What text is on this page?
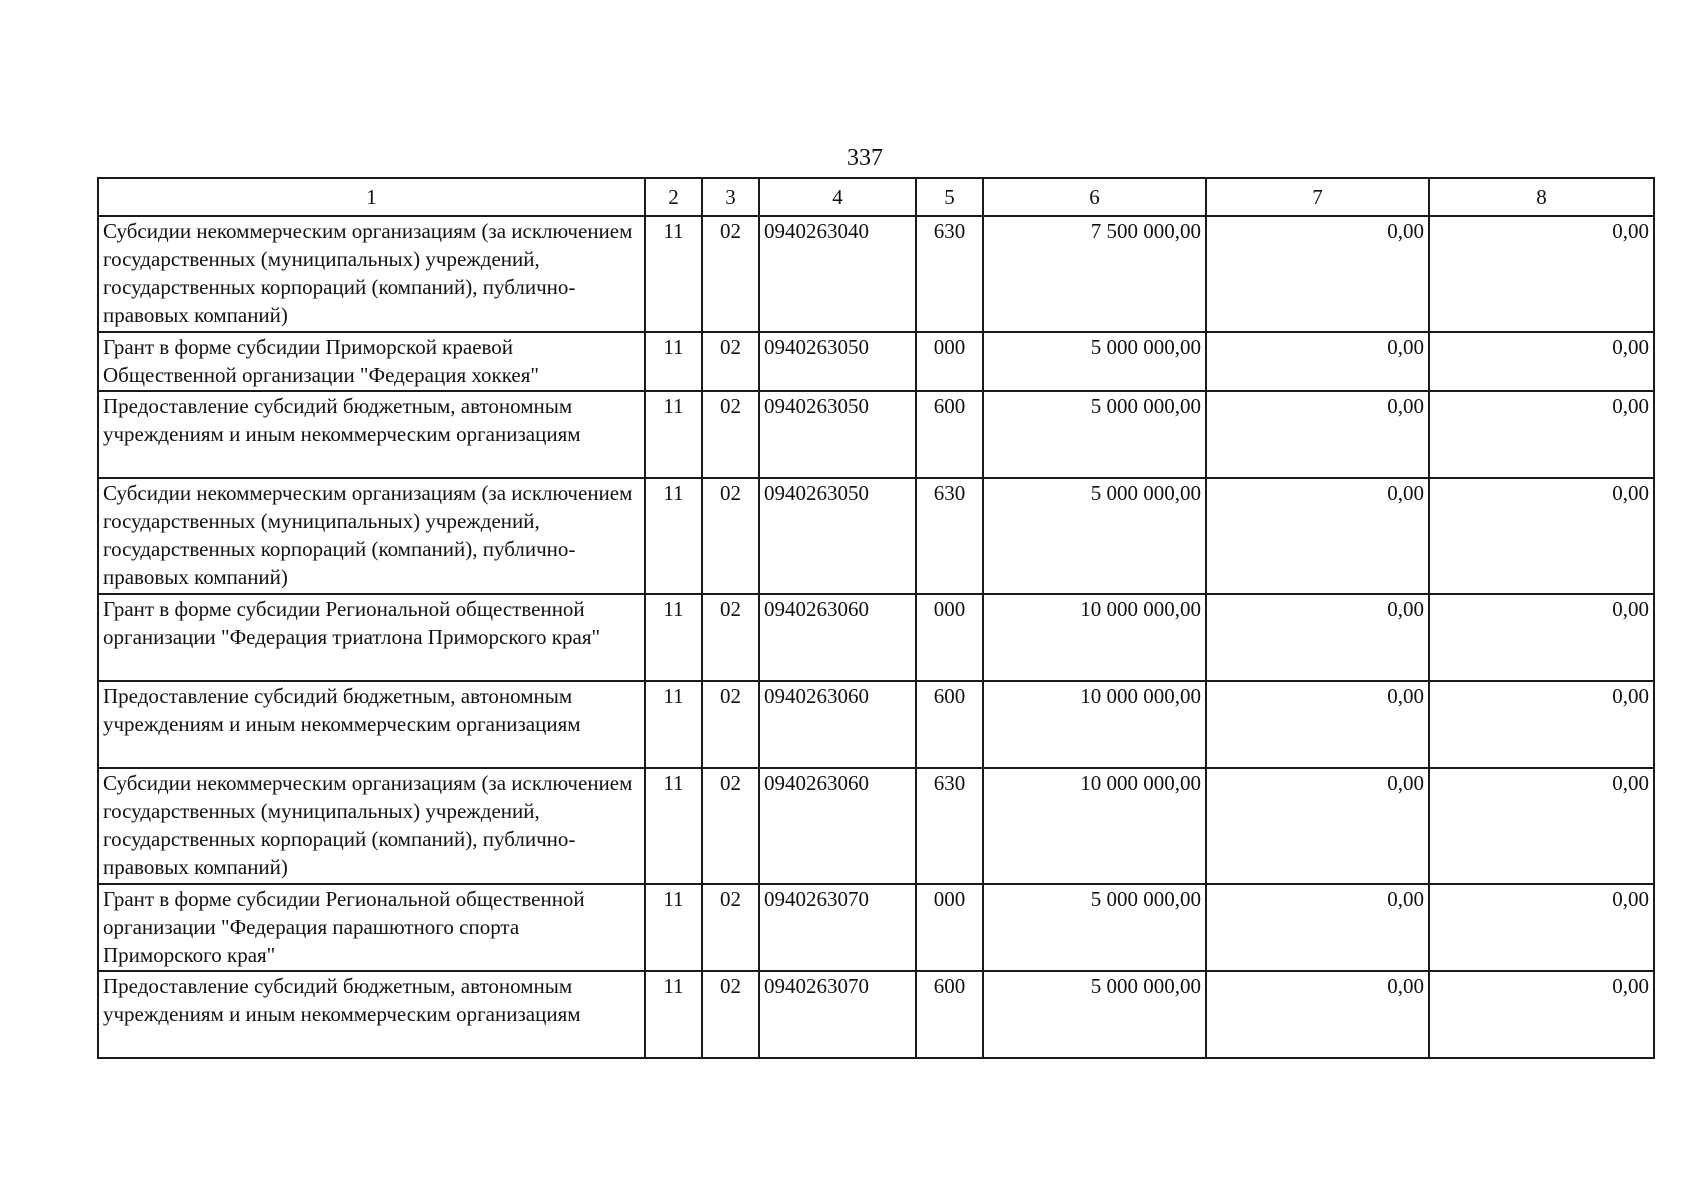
337
1	2	3	4	5	6	7	8
Субсидии некоммерческим организациям (за исключением государственных (муниципальных) учреждений, государственных корпораций (компаний), публично-правовых компаний)	11	02	0940263040	630	7 500 000,00	0,00	0,00
Грант в форме субсидии Приморской краевой Общественной организации "Федерация хоккея"	11	02	0940263050	000	5 000 000,00	0,00	0,00
Предоставление субсидий бюджетным, автономным учреждениям и иным некоммерческим организациям	11	02	0940263050	600	5 000 000,00	0,00	0,00
Субсидии некоммерческим организациям (за исключением государственных (муниципальных) учреждений, государственных корпораций (компаний), публично-правовых компаний)	11	02	0940263050	630	5 000 000,00	0,00	0,00
Грант в форме субсидии Региональной общественной организации "Федерация триатлона Приморского края"	11	02	0940263060	000	10 000 000,00	0,00	0,00
Предоставление субсидий бюджетным, автономным учреждениям и иным некоммерческим организациям	11	02	0940263060	600	10 000 000,00	0,00	0,00
Субсидии некоммерческим организациям (за исключением государственных (муниципальных) учреждений, государственных корпораций (компаний), публично-правовых компаний)	11	02	0940263060	630	10 000 000,00	0,00	0,00
Грант в форме субсидии Региональной общественной организации "Федерация парашютного спорта Приморского края"	11	02	0940263070	000	5 000 000,00	0,00	0,00
Предоставление субсидий бюджетным, автономным учреждениям и иным некоммерческим организациям	11	02	0940263070	600	5 000 000,00	0,00	0,00
